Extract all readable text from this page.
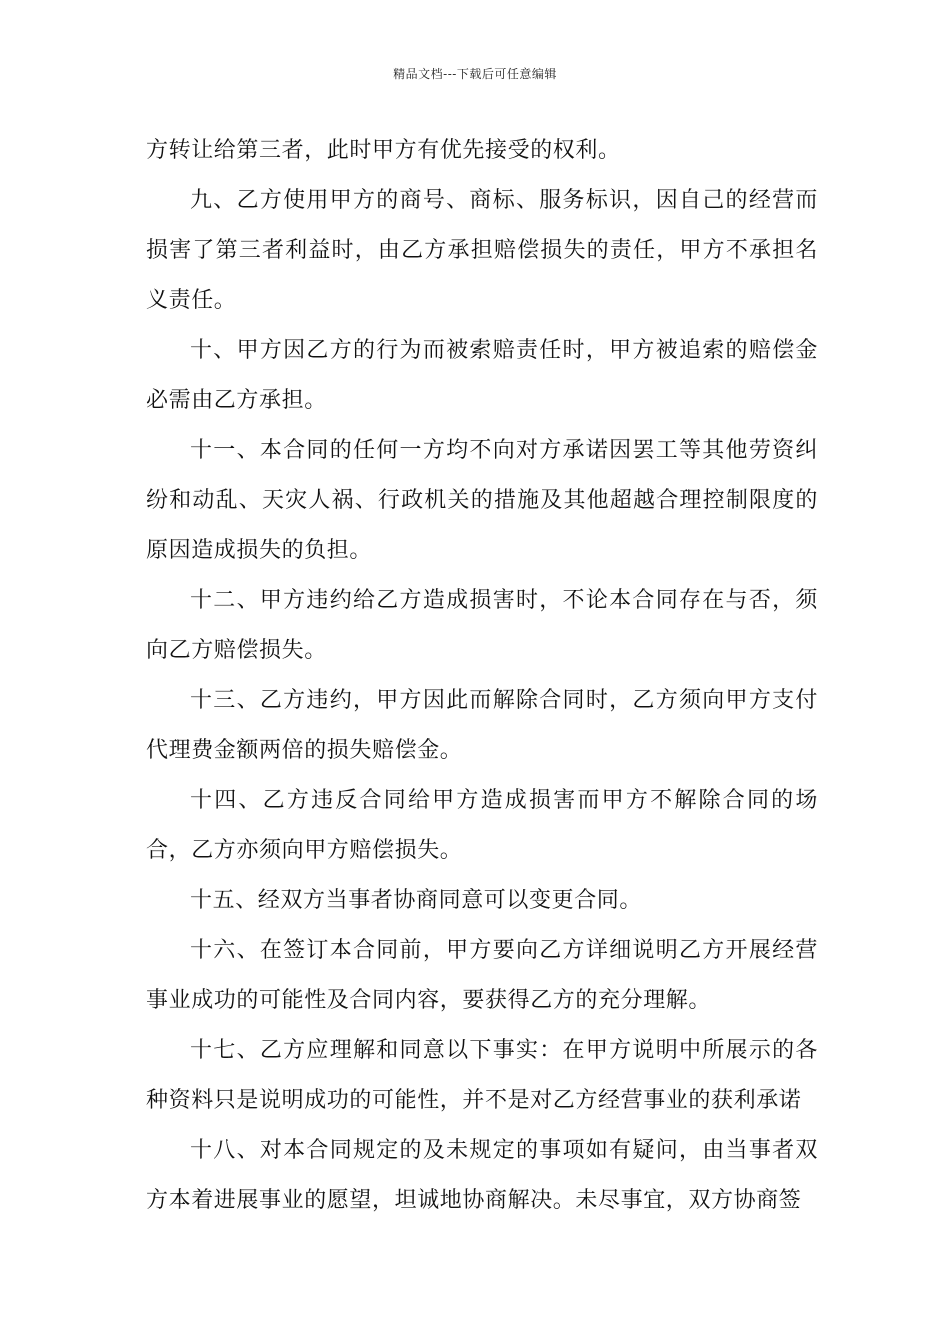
精品文档---下载后可任意编辑

方转让给第三者，此时甲方有优先接受的权利。

九、乙方使用甲方的商号、商标、服务标识，因自己的经营而损害了第三者利益时，由乙方承担赔偿损失的责任，甲方不承担名义责任。

十、甲方因乙方的行为而被索赔责任时，甲方被追索的赔偿金必需由乙方承担。

十一、本合同的任何一方均不向对方承诺因罢工等其他劳资纠纷和动乱、天灾人祸、行政机关的措施及其他超越合理控制限度的原因造成损失的负担。

十二、甲方违约给乙方造成损害时，不论本合同存在与否，须向乙方赔偿损失。

十三、乙方违约，甲方因此而解除合同时，乙方须向甲方支付代理费金额两倍的损失赔偿金。

十四、乙方违反合同给甲方造成损害而甲方不解除合同的场合，乙方亦须向甲方赔偿损失。

十五、经双方当事者协商同意可以变更合同。

十六、在签订本合同前，甲方要向乙方详细说明乙方开展经营事业成功的可能性及合同内容，要获得乙方的充分理解。

十七、乙方应理解和同意以下事实：在甲方说明中所展示的各种资料只是说明成功的可能性，并不是对乙方经营事业的获利承诺

十八、对本合同规定的及未规定的事项如有疑问，由当事者双方本着进展事业的愿望，坦诚地协商解决。未尽事宜，双方协商签
